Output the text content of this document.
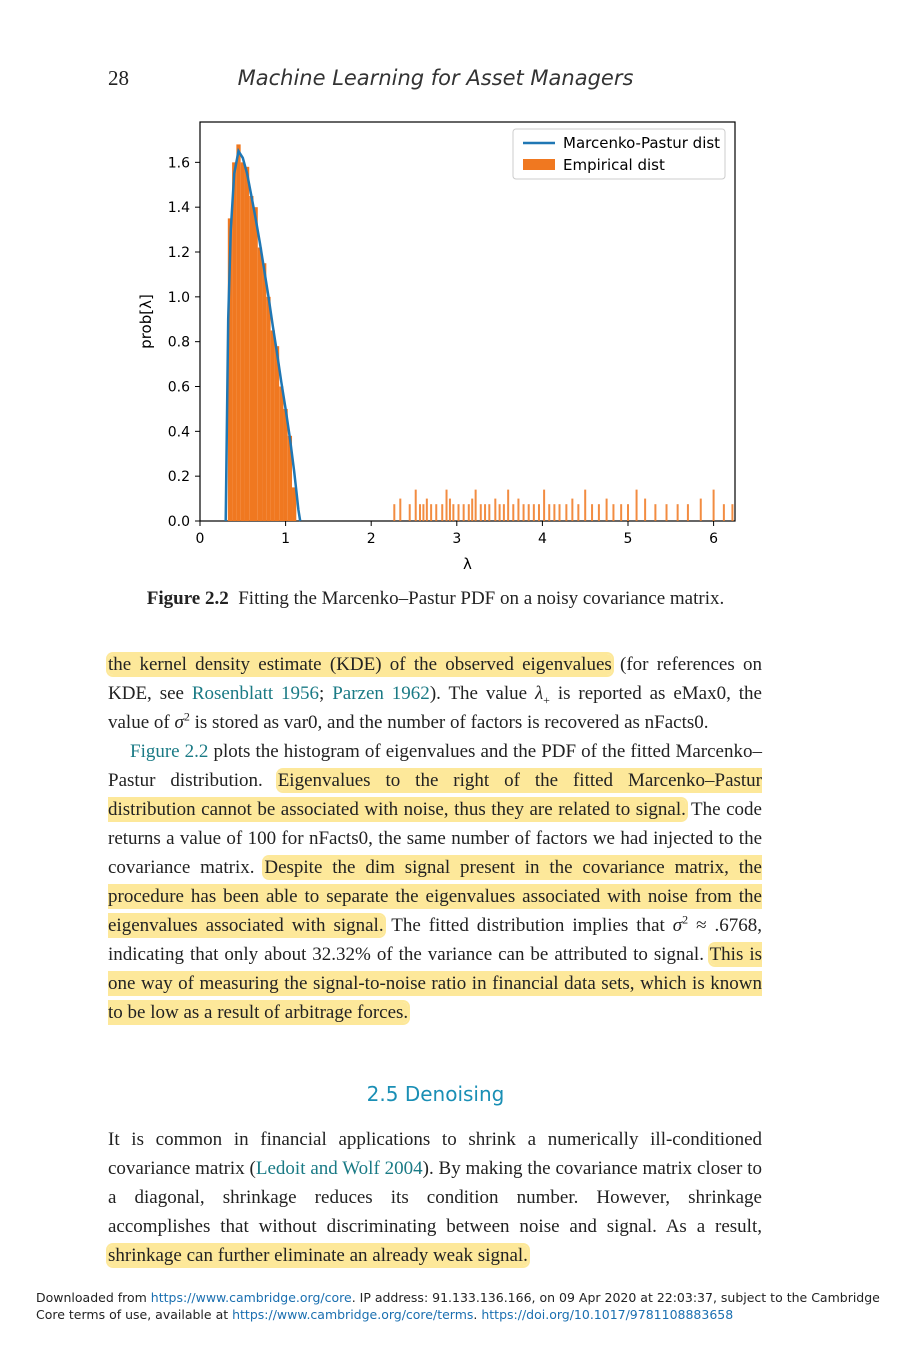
28	Machine Learning for Asset Managers
0	1	2	3	4	5	6
0.0
0.2
0.4
0.6
0.8
1.0
1.2
1.4
1.6
λ
prob[λ]
Marcenko-Pastur dist
Empirical dist
Figure 2.2 Fitting the Marcenko–Pastur PDF on a noisy covariance matrix.

the kernel density estimate (KDE) of the observed eigenvalues (for references on KDE, see Rosenblatt 1956; Parzen 1962). The value $\lambda_+$ is reported as eMax0, the value of $\sigma^2$ is stored as var0, and the number of factors is recovered as nFacts0.

Figure 2.2 plots the histogram of eigenvalues and the PDF of the fitted Marcenko–Pastur distribution. Eigenvalues to the right of the fitted Marcenko–Pastur distribution cannot be associated with noise, thus they are related to signal. The code returns a value of 100 for nFacts0, the same number of factors we had injected to the covariance matrix. Despite the dim signal present in the covariance matrix, the procedure has been able to separate the eigenvalues associated with noise from the eigenvalues associated with signal. The fitted distribution implies that $\sigma^2 \approx .6768$, indicating that only about 32.32% of the variance can be attributed to signal. This is one way of measuring the signal-to-noise ratio in financial data sets, which is known to be low as a result of arbitrage forces.

2.5 Denoising

It is common in financial applications to shrink a numerically ill-conditioned covariance matrix (Ledoit and Wolf 2004). By making the covariance matrix closer to a diagonal, shrinkage reduces its condition number. However, shrinkage accomplishes that without discriminating between noise and signal. As a result, shrinkage can further eliminate an already weak signal.

Downloaded from https://www.cambridge.org/core. IP address: 91.133.136.166, on 09 Apr 2020 at 22:03:37, subject to the Cambridge Core terms of use, available at https://www.cambridge.org/core/terms. https://doi.org/10.1017/9781108883658
